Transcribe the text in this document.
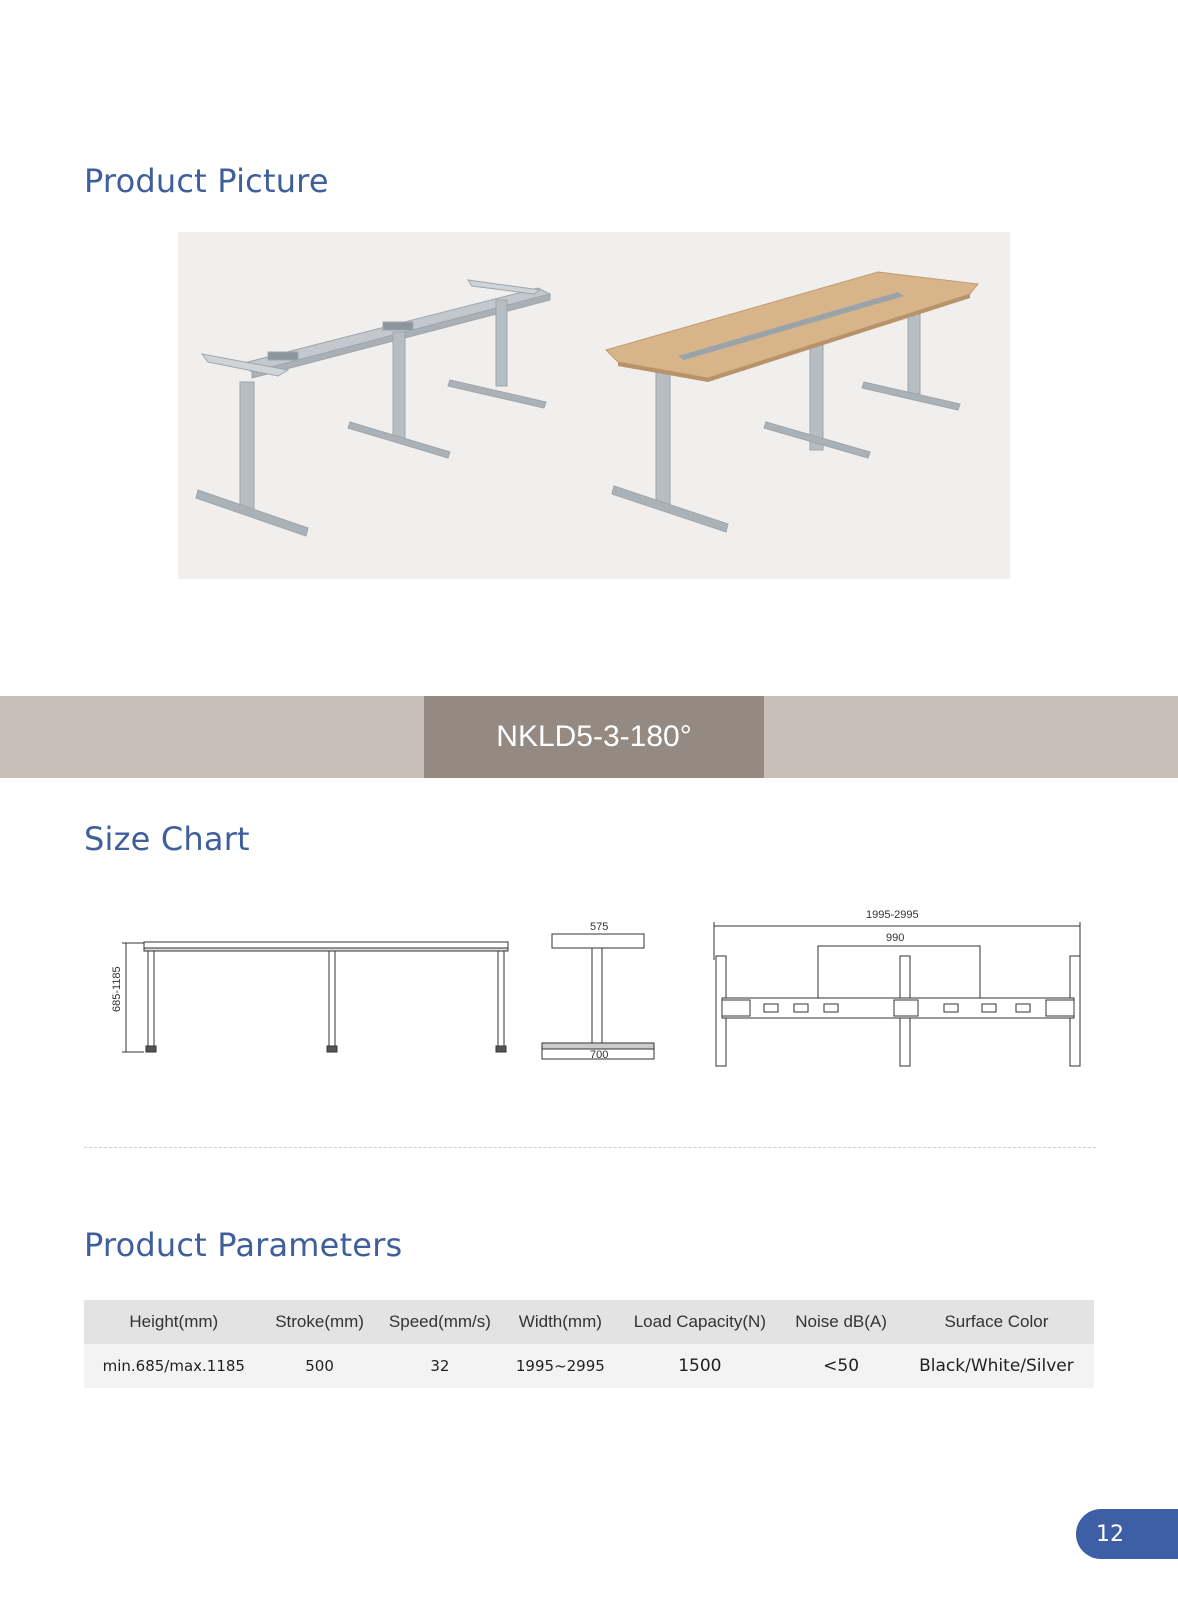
Product Picture
NKLD5-3-180°
Size Chart
685-1185
575
700
1995-2995
990
Product Parameters
Height(mm)	Stroke(mm)	Speed(mm/s)	Width(mm)	Load Capacity(N)	Noise dB(A)	Surface Color
min.685/max.1185	500	32	1995~2995	1500	<50	Black/White/Silver
12
